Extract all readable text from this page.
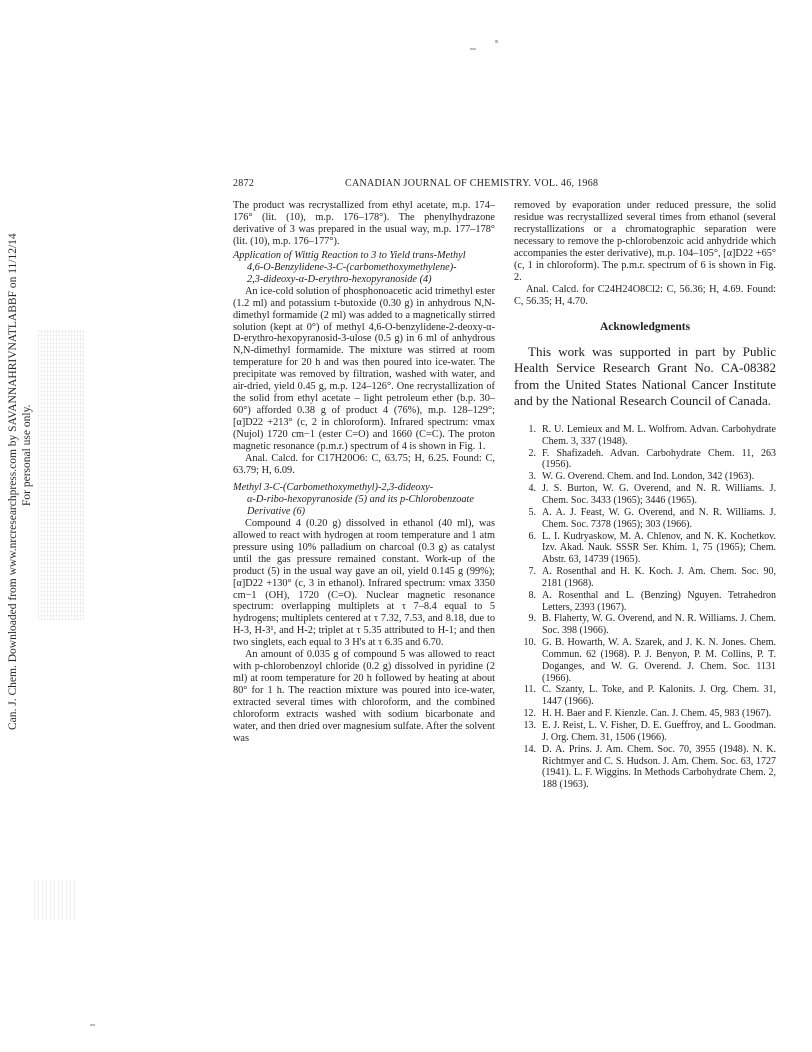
Can. J. Chem. Downloaded from www.nrcresearchpress.com by SAVANNAHRIVNATLABBF on 11/12/14 For personal use only.
2872	CANADIAN JOURNAL OF CHEMISTRY. VOL. 46, 1968

The product was recrystallized from ethyl acetate, m.p. 174–176° (lit. (10), m.p. 176–178°). The phenylhydrazone derivative of 3 was prepared in the usual way, m.p. 177–178° (lit. (10), m.p. 176–177°).

Application of Wittig Reaction to 3 to Yield trans-Methyl
4,6-O-Benzylidene-3-C-(carbomethoxymethylene)-
2,3-dideoxy-α-D-erythro-hexopyranoside (4)

An ice-cold solution of phosphonoacetic acid trimethyl ester (1.2 ml) and potassium t-butoxide (0.30 g) in anhydrous N,N-dimethyl formamide (2 ml) was added to a magnetically stirred solution (kept at 0°) of methyl 4,6-O-benzylidene-2-deoxy-α-D-erythro-hexopyranosid-3-ulose (0.5 g) in 6 ml of anhydrous N,N-dimethyl formamide. The mixture was stirred at room temperature for 20 h and was then poured into ice-water. The precipitate was removed by filtration, washed with water, and air-dried, yield 0.45 g, m.p. 124–126°. One recrystallization of the solid from ethyl acetate – light petroleum ether (b.p. 30–60°) afforded 0.38 g of product 4 (76%), m.p. 128–129°; [α]D22 +213° (c, 2 in chloroform). Infrared spectrum: νmax (Nujol) 1720 cm−1 (ester C=O) and 1660 (C=C). The proton magnetic resonance (p.m.r.) spectrum of 4 is shown in Fig. 1.

Anal. Calcd. for C17H20O6: C, 63.75; H, 6.25. Found: C, 63.79; H, 6.09.

Methyl 3-C-(Carbomethoxymethyl)-2,3-dideoxy-
α-D-ribo-hexopyranoside (5) and its p-Chlorobenzoate
Derivative (6)

Compound 4 (0.20 g) dissolved in ethanol (40 ml), was allowed to react with hydrogen at room temperature and 1 atm pressure using 10% palladium on charcoal (0.3 g) as catalyst until the gas pressure remained constant. Work-up of the product (5) in the usual way gave an oil, yield 0.145 g (99%); [α]D22 +130° (c, 3 in ethanol). Infrared spectrum: νmax 3350 cm−1 (OH), 1720 (C=O). Nuclear magnetic resonance spectrum: overlapping multiplets at τ 7–8.4 equal to 5 hydrogens; multiplets centered at τ 7.32, 7.53, and 8.18, due to H-3, H-3¹, and H-2; triplet at τ 5.35 attributed to H-1; and then two singlets, each equal to 3 H's at τ 6.35 and 6.70.

An amount of 0.035 g of compound 5 was allowed to react with p-chlorobenzoyl chloride (0.2 g) dissolved in pyridine (2 ml) at room temperature for 20 h followed by heating at about 80° for 1 h. The reaction mixture was poured into ice-water, extracted several times with chloroform, and the combined chloroform extracts washed with sodium bicarbonate and water, and then dried over magnesium sulfate. After the solvent was

removed by evaporation under reduced pressure, the solid residue was recrystallized several times from ethanol (several recrystallizations or a chromatographic separation were necessary to remove the p-chlorobenzoic acid anhydride which accompanies the ester derivative), m.p. 104–105°, [α]D22 +65° (c, 1 in chloroform). The p.m.r. spectrum of 6 is shown in Fig. 2.

Anal. Calcd. for C24H24O8Cl2: C, 56.36; H, 4.69. Found: C, 56.35; H, 4.70.

Acknowledgments

This work was supported in part by Public Health Service Research Grant No. CA-08382 from the United States National Cancer Institute and by the National Research Council of Canada.

1. R. U. Lemieux and M. L. Wolfrom. Advan. Carbohydrate Chem. 3, 337 (1948).
2. F. Shafizadeh. Advan. Carbohydrate Chem. 11, 263 (1956).
3. W. G. Overend. Chem. and Ind. London, 342 (1963).
4. J. S. Burton, W. G. Overend, and N. R. Williams. J. Chem. Soc. 3433 (1965); 3446 (1965).
5. A. A. J. Feast, W. G. Overend, and N. R. Williams. J. Chem. Soc. 7378 (1965); 303 (1966).
6. L. I. Kudryaskow, M. A. Chlenov, and N. K. Kochetkov. Izv. Akad. Nauk. SSSR Ser. Khim. 1, 75 (1965); Chem. Abstr. 63, 14739 (1965).
7. A. Rosenthal and H. K. Koch. J. Am. Chem. Soc. 90, 2181 (1968).
8. A. Rosenthal and L. (Benzing) Nguyen. Tetrahedron Letters, 2393 (1967).
9. B. Flaherty, W. G. Overend, and N. R. Williams. J. Chem. Soc. 398 (1966).
10. G. B. Howarth, W. A. Szarek, and J. K. N. Jones. Chem. Commun. 62 (1968). P. J. Benyon, P. M. Collins, P. T. Doganges, and W. G. Overend. J. Chem. Soc. 1131 (1966).
11. C. Szanty, L. Toke, and P. Kalonits. J. Org. Chem. 31, 1447 (1966).
12. H. H. Baer and F. Kienzle. Can. J. Chem. 45, 983 (1967).
13. E. J. Reist, L. V. Fisher, D. E. Gueffroy, and L. Goodman. J. Org. Chem. 31, 1506 (1966).
14. D. A. Prins. J. Am. Chem. Soc. 70, 3955 (1948). N. K. Richtmyer and C. S. Hudson. J. Am. Chem. Soc. 63, 1727 (1941). L. F. Wiggins. In Methods Carbohydrate Chem. 2, 188 (1963).
